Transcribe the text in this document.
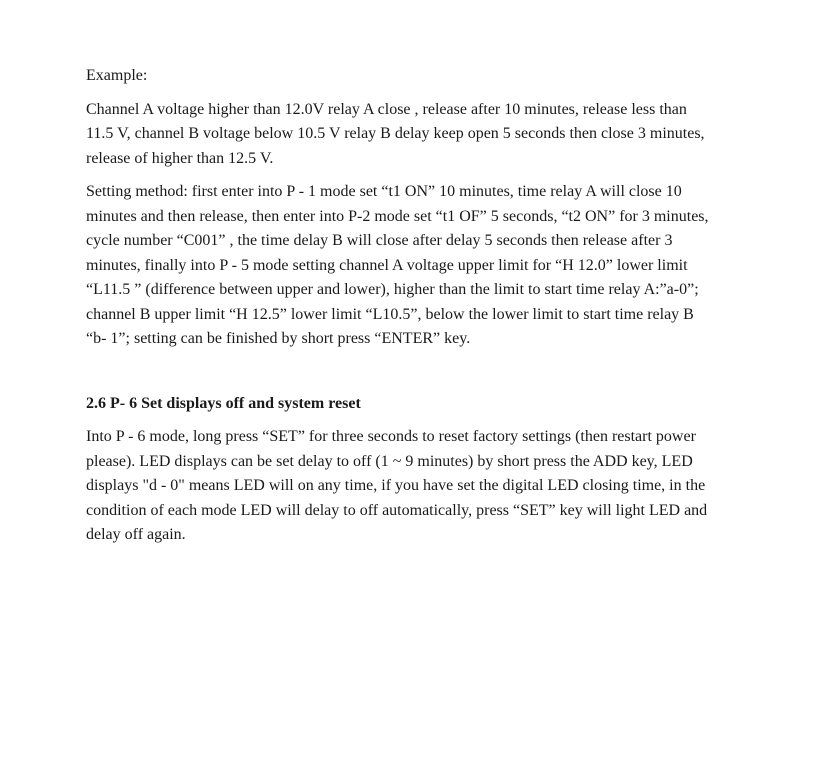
Example:

Channel A voltage higher than 12.0V relay A close , release after 10 minutes, release less than
11.5 V, channel B voltage below 10.5 V relay B delay keep open 5 seconds then close 3 minutes,
release of higher than 12.5 V.

Setting method: first enter into P - 1 mode set “t1 ON” 10 minutes, time relay A will close 10
minutes and then release, then enter into P-2 mode set “t1 OF” 5 seconds, “t2 ON” for 3 minutes,
cycle number “C001” , the time delay B will close after delay 5 seconds then release after 3
minutes, finally into P - 5 mode setting channel A voltage upper limit for “H 12.0” lower limit
“L11.5 ” (difference between upper and lower), higher than the limit to start time relay A:”a-0”;
channel B upper limit “H 12.5” lower limit “L10.5”, below the lower limit to start time relay B
“b- 1”; setting can be finished by short press “ENTER” key.

2.6 P- 6 Set displays off and system reset

Into P - 6 mode, long press “SET” for three seconds to reset factory settings (then restart power
please). LED displays can be set delay to off (1 ~ 9 minutes) by short press the ADD key, LED
displays "d - 0" means LED will on any time, if you have set the digital LED closing time, in the
condition of each mode LED will delay to off automatically, press “SET” key will light LED and
delay off again.
